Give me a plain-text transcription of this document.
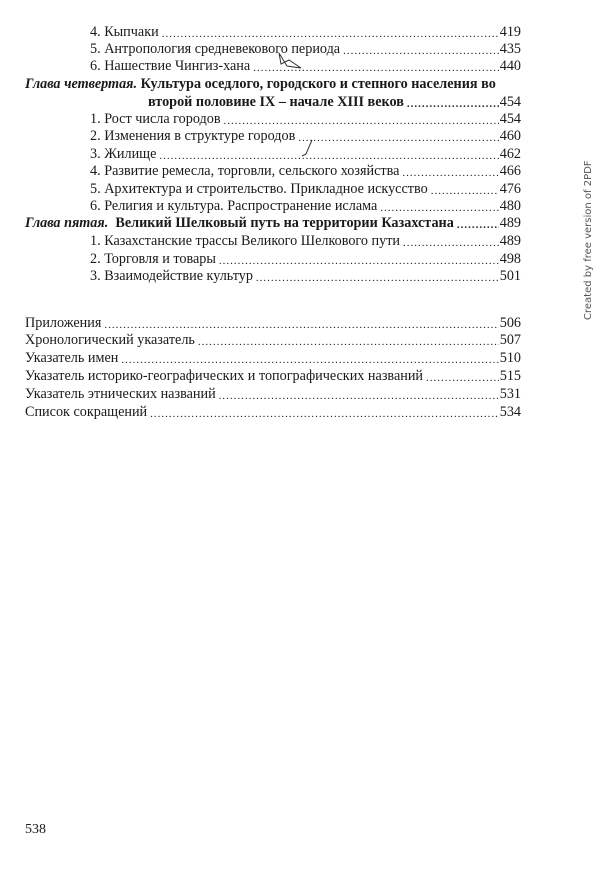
4. Кыпчаки .....	419
5. Антропология средневекового периода .....	435
6. Нашествие Чингиз-хана .....	440
Глава четвертая. Культура оседлого, городского и степного населения во
второй половине IX – начале XIII веков .....	454
1. Рост числа городов .....	454
2. Изменения в структуре городов .....	460
3. Жилище .....	462
4. Развитие ремесла, торговли, сельского хозяйства .....	466
5. Архитектура и строительство. Прикладное искусство .....	476
6. Религия и культура. Распространение ислама .....	480
Глава пятая. Великий Шелковый путь на территории Казахстана .....	489
1. Казахстанские трассы Великого Шелкового пути .....	489
2. Торговля и товары .....	498
3. Взаимодействие культур .....	501
Приложения .....	506
Хронологический указатель .....	507
Указатель имен .....	510
Указатель историко-географических и топографических названий .....	515
Указатель этнических названий .....	531
Список сокращений .....	534
Created by free version of 2PDF
538
